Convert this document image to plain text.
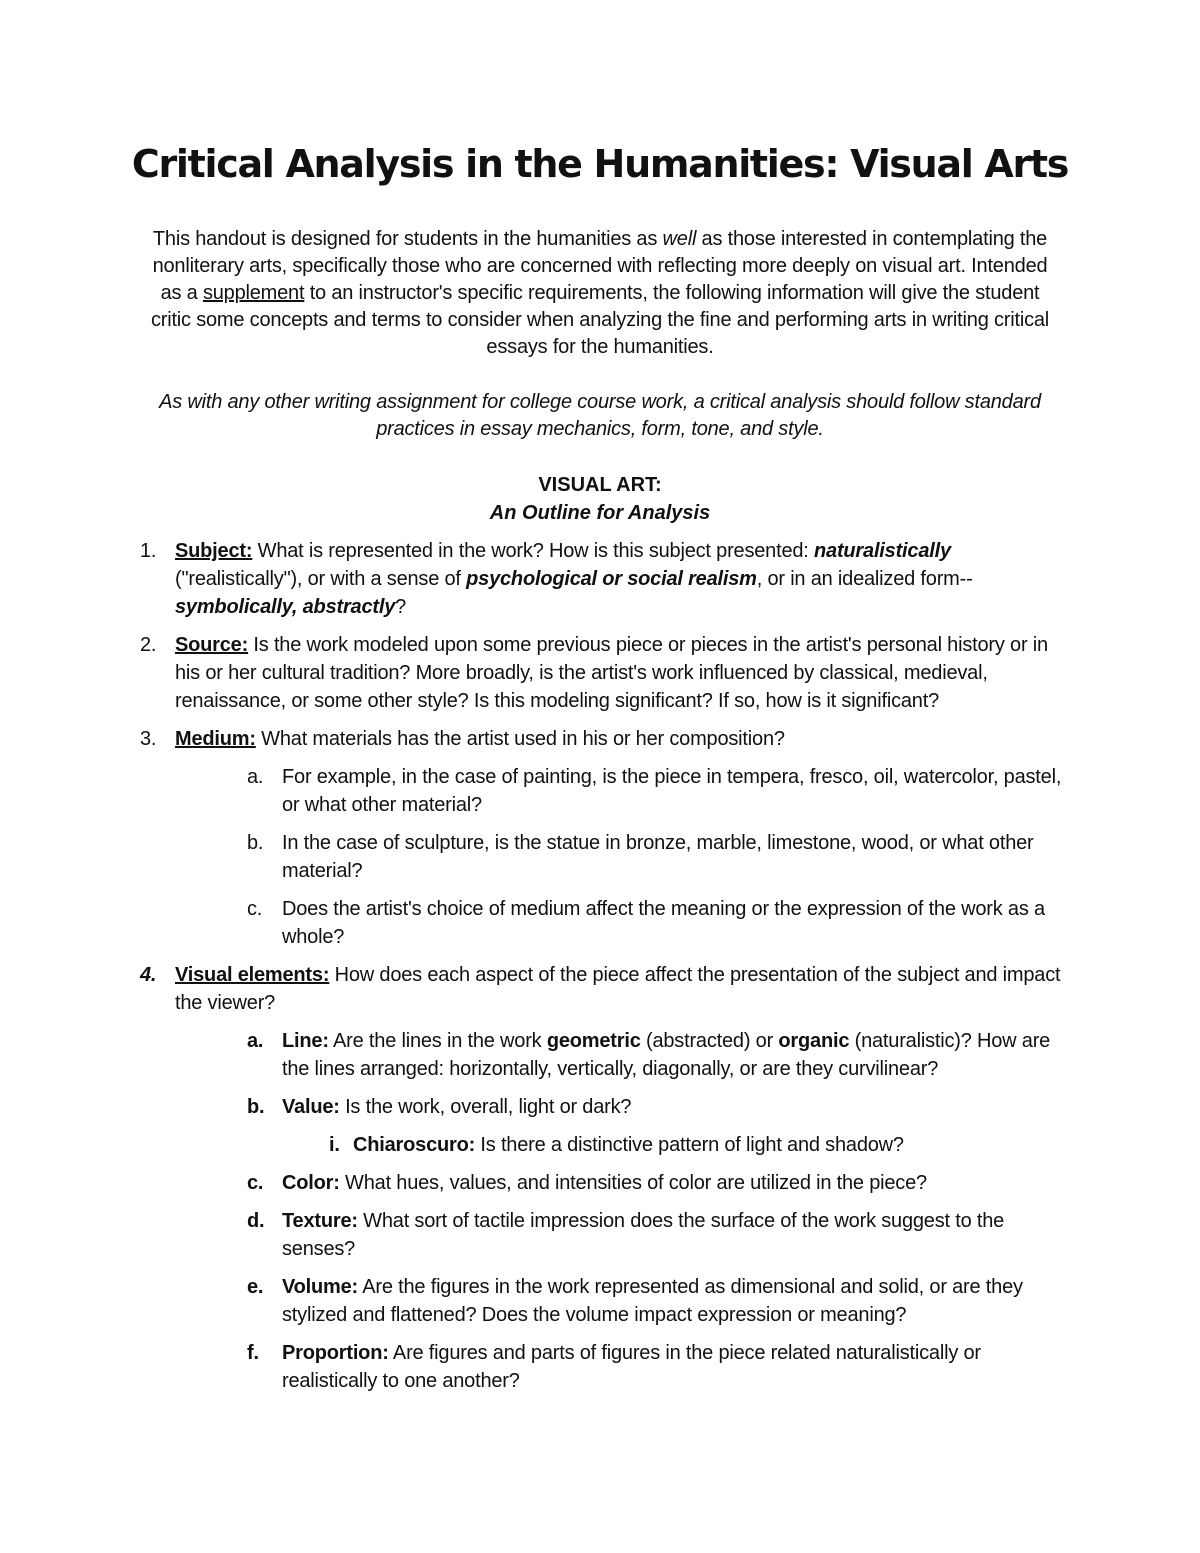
Critical Analysis in the Humanities: Visual Arts

This handout is designed for students in the humanities as well as those interested in contemplating the nonliterary arts, specifically those who are concerned with reflecting more deeply on visual art. Intended as a supplement to an instructor's specific requirements, the following information will give the student critic some concepts and terms to consider when analyzing the fine and performing arts in writing critical essays for the humanities.

As with any other writing assignment for college course work, a critical analysis should follow standard practices in essay mechanics, form, tone, and style.

VISUAL ART:
An Outline for Analysis
1. Subject: What is represented in the work? How is this subject presented: naturalistically ("realistically"), or with a sense of psychological or social realism, or in an idealized form--symbolically, abstractly?
2. Source: Is the work modeled upon some previous piece or pieces in the artist's personal history or in his or her cultural tradition? More broadly, is the artist's work influenced by classical, medieval, renaissance, or some other style? Is this modeling significant? If so, how is it significant?
3. Medium: What materials has the artist used in his or her composition?
a. For example, in the case of painting, is the piece in tempera, fresco, oil, watercolor, pastel, or what other material?
b. In the case of sculpture, is the statue in bronze, marble, limestone, wood, or what other material?
c. Does the artist's choice of medium affect the meaning or the expression of the work as a whole?
4. Visual elements: How does each aspect of the piece affect the presentation of the subject and impact the viewer?
a. Line: Are the lines in the work geometric (abstracted) or organic (naturalistic)? How are the lines arranged: horizontally, vertically, diagonally, or are they curvilinear?
b. Value: Is the work, overall, light or dark?
i. Chiaroscuro: Is there a distinctive pattern of light and shadow?
c. Color: What hues, values, and intensities of color are utilized in the piece?
d. Texture: What sort of tactile impression does the surface of the work suggest to the senses?
e. Volume: Are the figures in the work represented as dimensional and solid, or are they stylized and flattened? Does the volume impact expression or meaning?
f. Proportion: Are figures and parts of figures in the piece related naturalistically or realistically to one another?
